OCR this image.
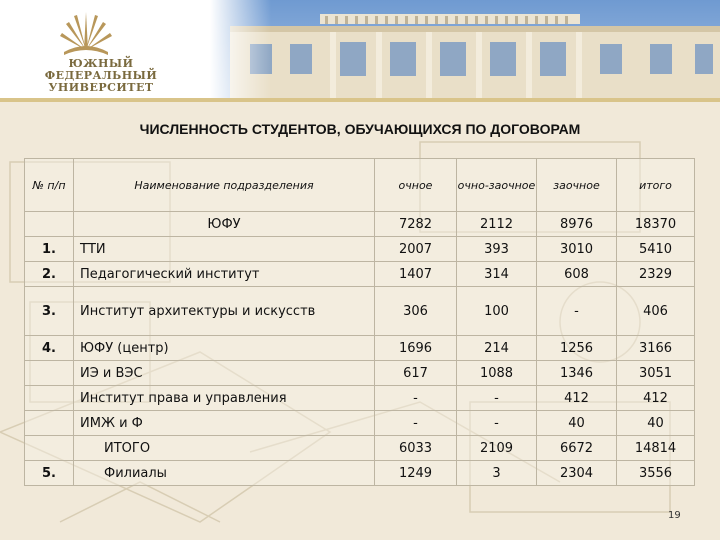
ЮЖНЫЙ
ФЕДЕРАЛЬНЫЙ
УНИВЕРСИТЕТ
ЧИСЛЕННОСТЬ СТУДЕНТОВ, ОБУЧАЮЩИХСЯ ПО ДОГОВОРАМ
№ п/п	Наименование подразделения	очное	очно-заочное	заочное	итого
	ЮФУ	7282	2112	8976	18370
1.	ТТИ	2007	393	3010	5410
2.	Педагогический институт	1407	314	608	2329
3.	Институт архитектуры и искусств	306	100	-	406
4.	ЮФУ (центр)	1696	214	1256	3166
	ИЭ и ВЭС	617	1088	1346	3051
	Институт права и управления	-	-	412	412
	ИМЖ и Ф	-	-	40	40
	ИТОГО	6033	2109	6672	14814
5.	Филиалы	1249	3	2304	3556
19
